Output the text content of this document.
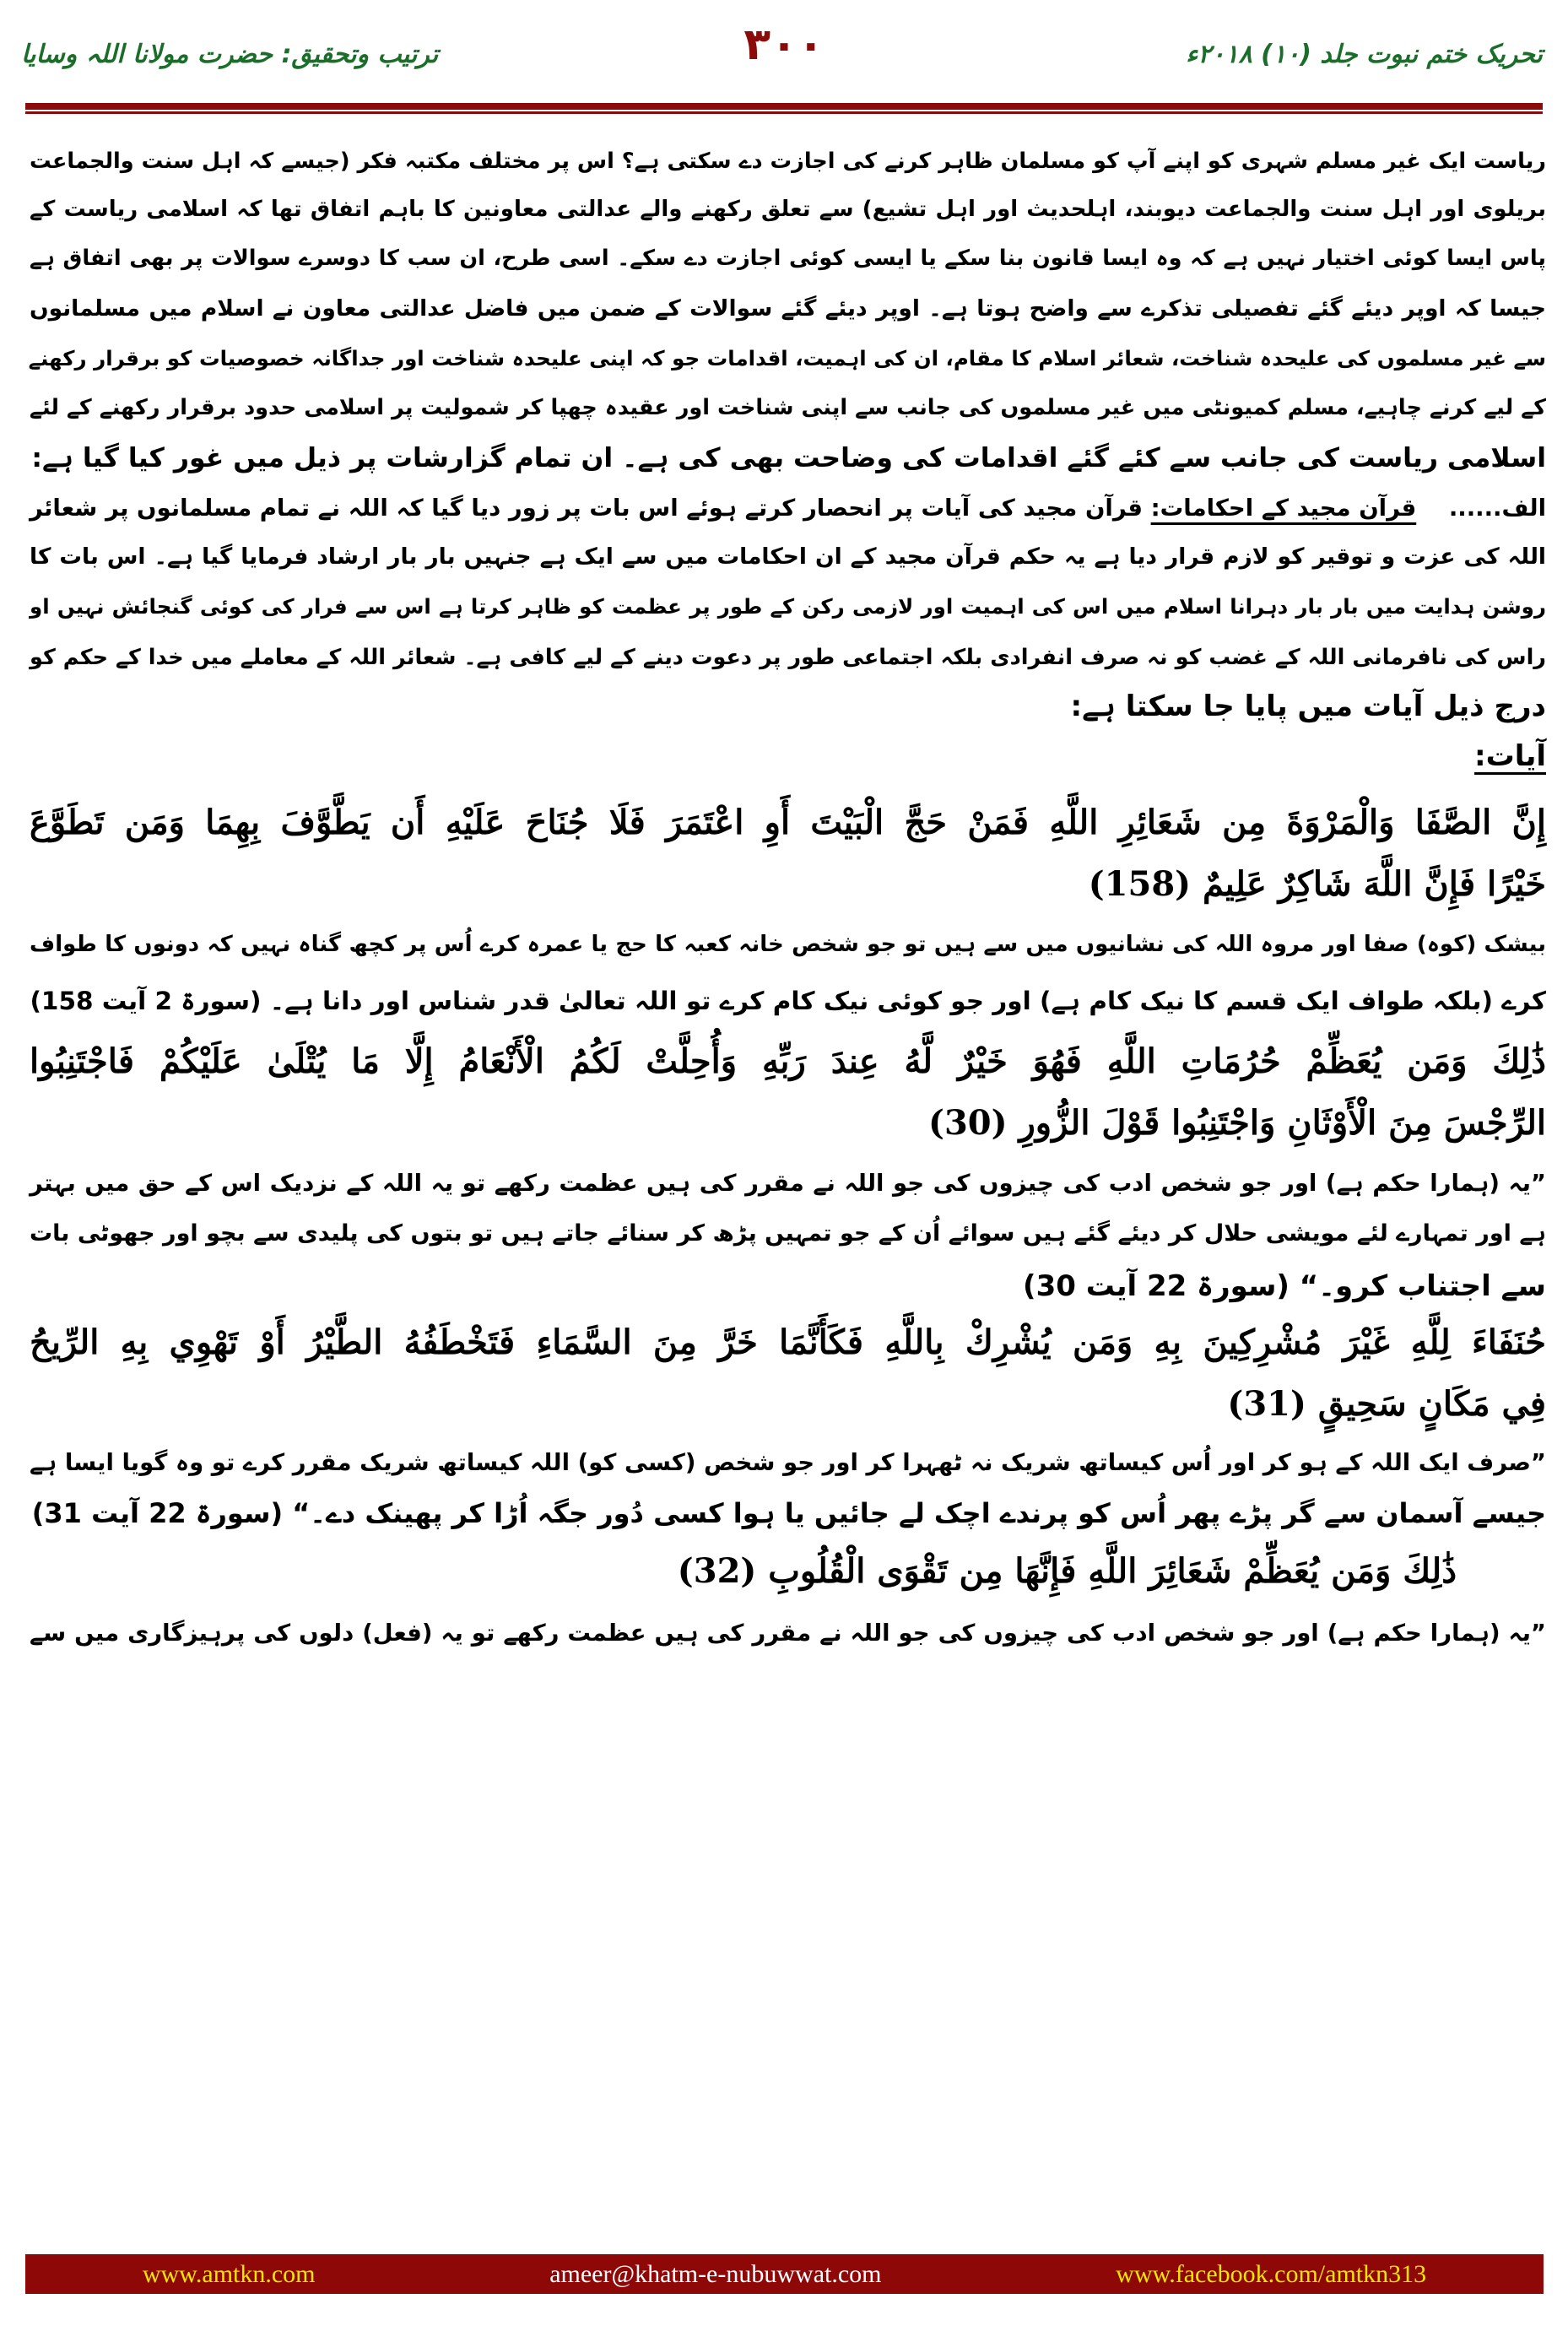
تحریک ختم نبوت جلد (۱۰) ۲۰۱۸ء
۳۰۰
ترتیب وتحقیق: حضرت مولانا اللہ وسایا
ریاست ایک غیر مسلم شہری کو اپنے آپ کو مسلمان ظاہر کرنے کی اجازت دے سکتی ہے؟ اس پر مختلف مکتبہ فکر (جیسے کہ اہل سنت والجماعت
بریلوی اور اہل سنت والجماعت دیوبند، اہلحدیث اور اہل تشیع) سے تعلق رکھنے والے عدالتی معاونین کا باہم اتفاق تھا کہ اسلامی ریاست کے
پاس ایسا کوئی اختیار نہیں ہے کہ وہ ایسا قانون بنا سکے یا ایسی کوئی اجازت دے سکے۔ اسی طرح، ان سب کا دوسرے سوالات پر بھی اتفاق ہے
جیسا کہ اوپر دیئے گئے تفصیلی تذکرے سے واضح ہوتا ہے۔ اوپر دیئے گئے سوالات کے ضمن میں فاضل عدالتی معاون نے اسلام میں مسلمانوں
سے غیر مسلموں کی علیحدہ شناخت، شعائر اسلام کا مقام، ان کی اہمیت، اقدامات جو کہ اپنی علیحدہ شناخت اور جداگانہ خصوصیات کو برقرار رکھنے
کے لیے کرنے چاہیے، مسلم کمیونٹی میں غیر مسلموں کی جانب سے اپنی شناخت اور عقیدہ چھپا کر شمولیت پر اسلامی حدود برقرار رکھنے کے لئے
اسلامی ریاست کی جانب سے کئے گئے اقدامات کی وضاحت بھی کی ہے۔ ان تمام گزارشات پر ذیل میں غور کیا گیا ہے:
الف......    قرآن مجید کے احکامات: قرآن مجید کی آیات پر انحصار کرتے ہوئے اس بات پر زور دیا گیا کہ اللہ نے تمام مسلمانوں پر شعائر
اللہ کی عزت و توقیر کو لازم قرار دیا ہے یہ حکم قرآن مجید کے ان احکامات میں سے ایک ہے جنہیں بار بار ارشاد فرمایا گیا ہے۔ اس بات کا
روشن ہدایت میں بار بار دہرانا اسلام میں اس کی اہمیت اور لازمی رکن کے طور پر عظمت کو ظاہر کرتا ہے اس سے فرار کی کوئی گنجائش نہیں او
راس کی نافرمانی اللہ کے غضب کو نہ صرف انفرادی بلکہ اجتماعی طور پر دعوت دینے کے لیے کافی ہے۔ شعائر اللہ کے معاملے میں خدا کے حکم کو
درج ذیل آیات میں پایا جا سکتا ہے:
آیات:
إِنَّ الصَّفَا وَالْمَرْوَةَ مِن شَعَائِرِ اللَّهِ فَمَنْ حَجَّ الْبَيْتَ أَوِ اعْتَمَرَ فَلَا جُنَاحَ عَلَيْهِ أَن يَطَّوَّفَ بِهِمَا وَمَن تَطَوَّعَ
خَيْرًا فَإِنَّ اللَّهَ شَاكِرٌ عَلِيمٌ (158)
بیشک (کوہ) صفا اور مروہ اللہ کی نشانیوں میں سے ہیں تو جو شخص خانہ کعبہ کا حج یا عمرہ کرے اُس پر کچھ گناہ نہیں کہ دونوں کا طواف
کرے (بلکہ طواف ایک قسم کا نیک کام ہے) اور جو کوئی نیک کام کرے تو اللہ تعالیٰ قدر شناس اور دانا ہے۔ (سورۃ 2 آیت 158)
ذَٰلِكَ وَمَن يُعَظِّمْ حُرُمَاتِ اللَّهِ فَهُوَ خَيْرٌ لَّهُ عِندَ رَبِّهِ وَأُحِلَّتْ لَكُمُ الْأَنْعَامُ إِلَّا مَا يُتْلَىٰ عَلَيْكُمْ فَاجْتَنِبُوا
الرِّجْسَ مِنَ الْأَوْثَانِ وَاجْتَنِبُوا قَوْلَ الزُّورِ (30)
”یہ (ہمارا حکم ہے) اور جو شخص ادب کی چیزوں کی جو اللہ نے مقرر کی ہیں عظمت رکھے تو یہ اللہ کے نزدیک اس کے حق میں بہتر
ہے اور تمہارے لئے مویشی حلال کر دیئے گئے ہیں سوائے اُن کے جو تمہیں پڑھ کر سنائے جاتے ہیں تو بتوں کی پلیدی سے بچو اور جھوٹی بات
سے اجتناب کرو۔“ (سورۃ 22 آیت 30)
حُنَفَاءَ لِلَّهِ غَيْرَ مُشْرِكِينَ بِهِ وَمَن يُشْرِكْ بِاللَّهِ فَكَأَنَّمَا خَرَّ مِنَ السَّمَاءِ فَتَخْطَفُهُ الطَّيْرُ أَوْ تَهْوِي بِهِ الرِّيحُ
فِي مَكَانٍ سَحِيقٍ (31)
”صرف ایک اللہ کے ہو کر اور اُس کیساتھ شریک نہ ٹھہرا کر اور جو شخص (کسی کو) اللہ کیساتھ شریک مقرر کرے تو وہ گویا ایسا ہے
جیسے آسمان سے گر پڑے پھر اُس کو پرندے اچک لے جائیں یا ہوا کسی دُور جگہ اُڑا کر پھینک دے۔“ (سورۃ 22 آیت 31)
ذَٰلِكَ وَمَن يُعَظِّمْ شَعَائِرَ اللَّهِ فَإِنَّهَا مِن تَقْوَى الْقُلُوبِ (32)
”یہ (ہمارا حکم ہے) اور جو شخص ادب کی چیزوں کی جو اللہ نے مقرر کی ہیں عظمت رکھے تو یہ (فعل) دلوں کی پرہیزگاری میں سے
www.amtkn.com	ameer@khatm-e-nubuwwat.com	www.facebook.com/amtkn313
